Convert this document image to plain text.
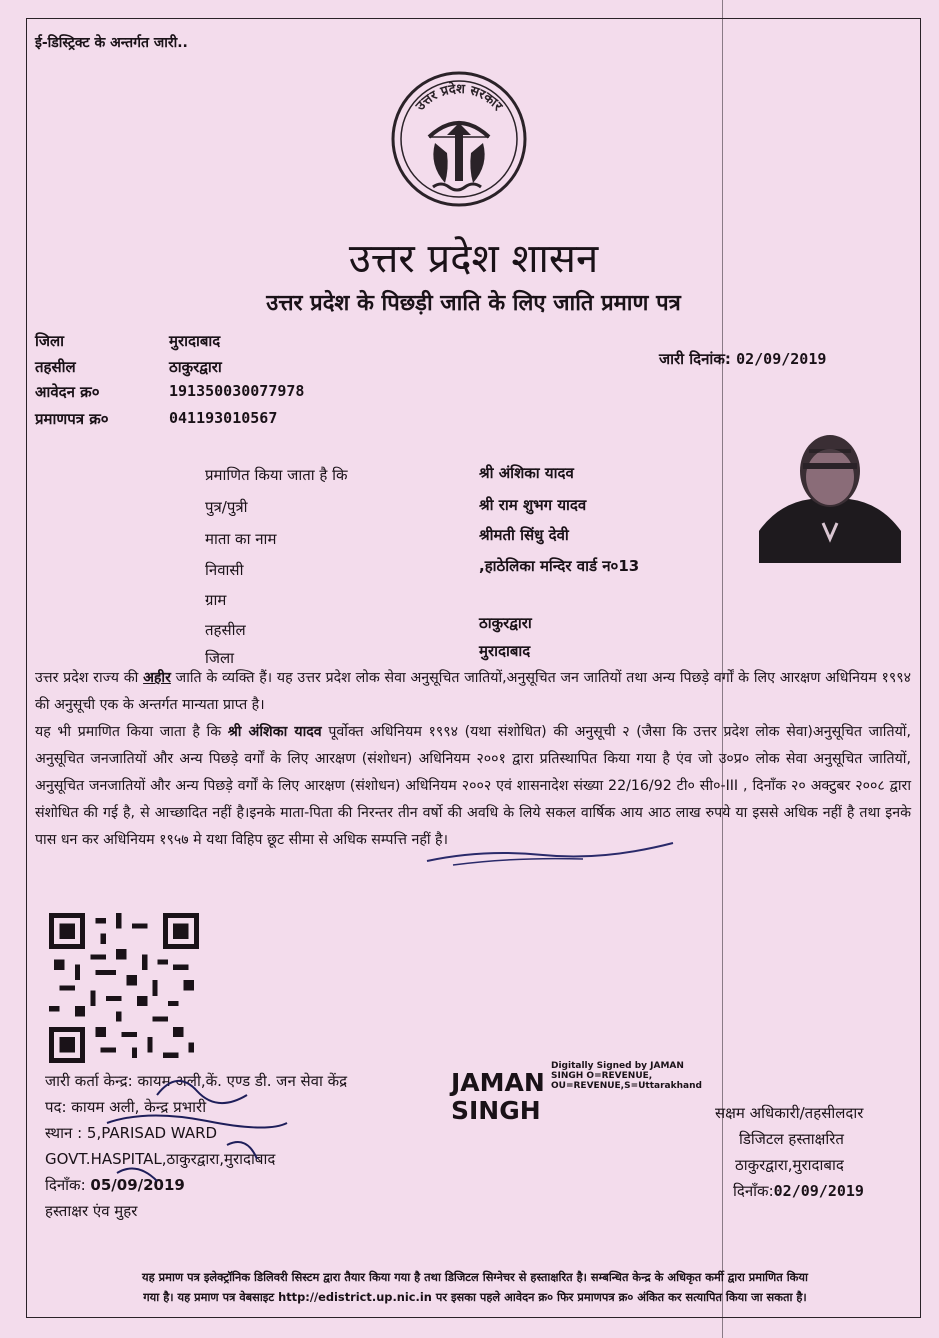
ई-डिस्ट्रिक्ट के अन्तर्गत जारी..
उत्तर प्रदेश सरकार
उत्तर प्रदेश शासन
उत्तर प्रदेश के पिछड़ी जाति के लिए जाति प्रमाण पत्र
जिला	मुरादाबाद
तहसील	ठाकुरद्वारा
आवेदन क्र०	191350030077978
प्रमाणपत्र क्र०	041193010567
जारी दिनांक: 02/09/2019
प्रमाणित किया जाता है कि	श्री अंशिका यादव
पुत्र/पुत्री	श्री राम शुभग यादव
माता का नाम	श्रीमती सिंधु देवी
निवासी	,हाठेलिका मन्दिर वार्ड न०13
ग्राम
तहसील	ठाकुरद्वारा
जिला	मुरादाबाद
उत्तर प्रदेश राज्य की अहीर जाति के व्यक्ति हैं। यह उत्तर प्रदेश लोक सेवा अनुसूचित जातियों,अनुसूचित जन जातियों तथा अन्य पिछड़े वर्गों के लिए आरक्षण अधिनियम १९९४ की अनुसूची एक के अन्तर्गत मान्यता प्राप्त है।
यह भी प्रमाणित किया जाता है कि श्री अंशिका यादव पूर्वोक्त अधिनियम १९९४ (यथा संशोधित) की अनुसूची २ (जैसा कि उत्तर प्रदेश लोक सेवा)अनुसूचित जातियों, अनुसूचित जनजातियों और अन्य पिछड़े वर्गों के लिए आरक्षण (संशोधन) अधिनियम २००१ द्वारा प्रतिस्थापित किया गया है एंव जो उ०प्र० लोक सेवा अनुसूचित जातियों, अनुसूचित जनजातियों और अन्य पिछड़े वर्गों के लिए आरक्षण (संशोधन) अधिनियम २००२ एवं शासनादेश संख्या 22/16/92 टी० सी०-III , दिनाँक २० अक्टुबर २००८ द्वारा संशोधित की गई है, से आच्छादित नहीं है।इनके माता-पिता की निरन्तर तीन वर्षो की अवधि के लिये सकल वार्षिक आय आठ लाख रुपये या इससे अधिक नहीं है तथा इनके पास धन कर अधिनियम १९५७ मे यथा विहिप छूट सीमा से अधिक सम्पत्ति नहीं है।
जारी कर्ता केन्द्र: कायम अली,कें. एण्ड डी. जन सेवा केंद्र
पद: कायम अली, केन्द्र प्रभारी
स्थान : 5,PARISAD WARD
GOVT.HASPITAL,ठाकुरद्वारा,मुरादाबाद
दिनाँक: 05/09/2019
हस्ताक्षर एंव मुहर
JAMAN
SINGH
Digitally Signed by JAMAN
SINGH O=REVENUE,
OU=REVENUE,S=Uttarakhand
सक्षम अधिकारी/तहसीलदार
डिजिटल हस्ताक्षरित
ठाकुरद्वारा,मुरादाबाद
दिनाँक:02/09/2019
यह प्रमाण पत्र इलेक्ट्रॉनिक डिलिवरी सिस्टम द्वारा तैयार किया गया है तथा डिजिटल सिग्नेचर से हस्ताक्षरित है। सम्बन्धित केन्द्र के अधिकृत कर्मी द्वारा प्रमाणित किया
गया है। यह प्रमाण पत्र वेबसाइट http://edistrict.up.nic.in पर इसका पहले आवेदन क्र० फिर प्रमाणपत्र क्र० अंकित कर सत्यापित किया जा सकता है।
